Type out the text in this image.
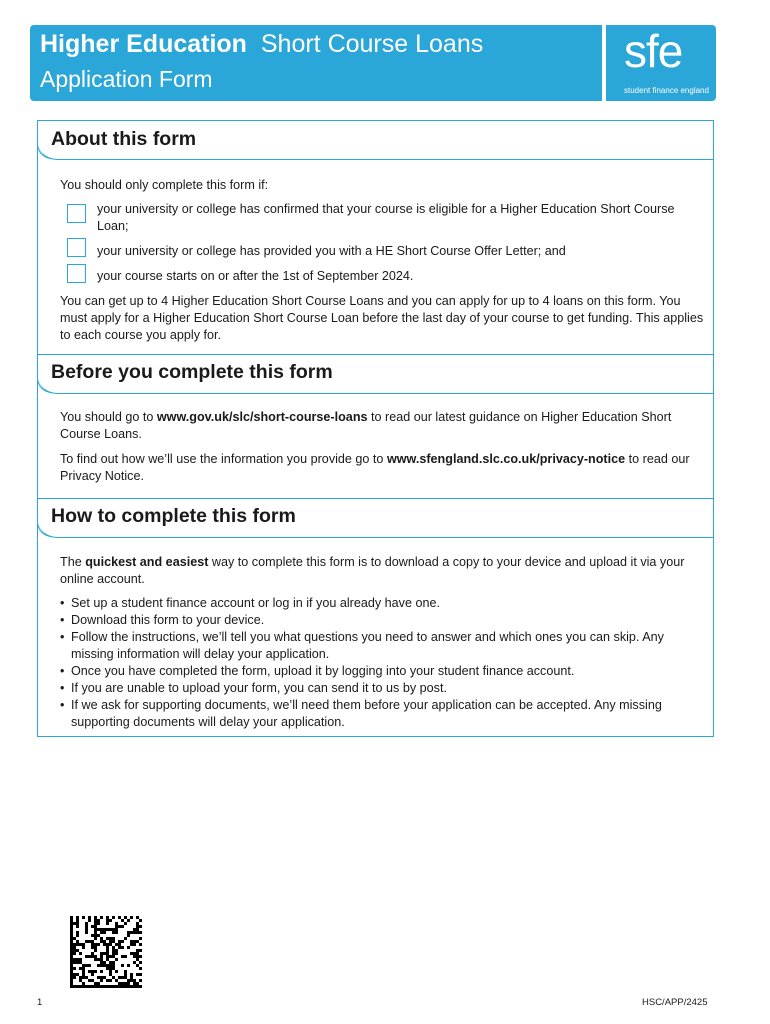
Higher Education Short Course Loans
Application Form
sfe
student finance england
About this form
You should only complete this form if:
your university or college has confirmed that your course is eligible for a Higher Education Short Course Loan;
your university or college has provided you with a HE Short Course Offer Letter; and
your course starts on or after the 1st of September 2024.
You can get up to 4 Higher Education Short Course Loans and you can apply for up to 4 loans on this form. You must apply for a Higher Education Short Course Loan before the last day of your course to get funding. This applies to each course you apply for.
Before you complete this form
You should go to www.gov.uk/slc/short-course-loans to read our latest guidance on Higher Education Short Course Loans.
To find out how we’ll use the information you provide go to www.sfengland.slc.co.uk/privacy-notice to read our Privacy Notice.
How to complete this form
The quickest and easiest way to complete this form is to download a copy to your device and upload it via your online account.
• Set up a student finance account or log in if you already have one.
• Download this form to your device.
• Follow the instructions, we’ll tell you what questions you need to answer and which ones you can skip. Any missing information will delay your application.
• Once you have completed the form, upload it by logging into your student finance account.
• If you are unable to upload your form, you can send it to us by post.
• If we ask for supporting documents, we’ll need them before your application can be accepted. Any missing supporting documents will delay your application.
1	HSC/APP/2425
